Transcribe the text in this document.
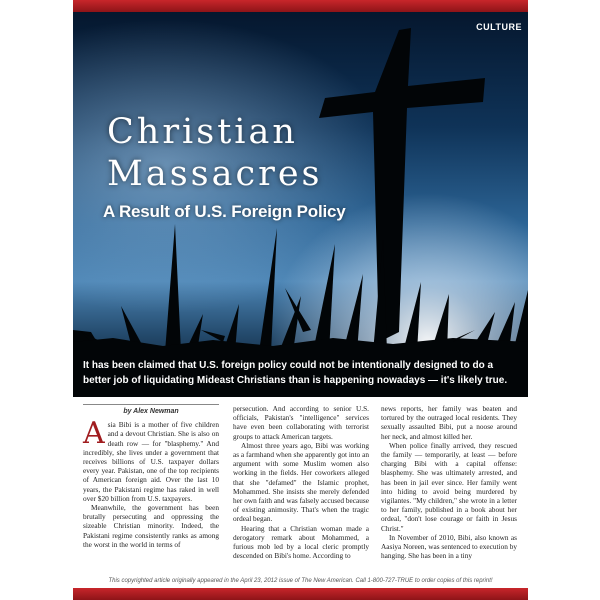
CULTURE
Christian
Massacres
A Result of U.S. Foreign Policy

It has been claimed that U.S. foreign policy could not be intentionally designed to do a better job of liquidating Mideast Christians than is happening nowadays — it's likely true.

by Alex Newman

Asia Bibi is a mother of five children and a devout Christian. She is also on death row — for "blasphemy." And incredibly, she lives under a government that receives billions of U.S. taxpayer dollars every year. Pakistan, one of the top recipients of American foreign aid. Over the last 10 years, the Pakistani regime has raked in well over $20 billion from U.S. taxpayers.

Meanwhile, the government has been brutally persecuting and oppressing the sizeable Christian minority. Indeed, the Pakistani regime consistently ranks as among the worst in the world in terms of

persecution. And according to senior U.S. officials, Pakistan's "intelligence" services have even been collaborating with terrorist groups to attack American targets.

Almost three years ago, Bibi was working as a farmhand when she apparently got into an argument with some Muslim women also working in the fields. Her coworkers alleged that she "defamed" the Islamic prophet, Mohammed. She insists she merely defended her own faith and was falsely accused because of existing animosity. That's when the tragic ordeal began.

Hearing that a Christian woman made a derogatory remark about Mohammed, a furious mob led by a local cleric promptly descended on Bibi's home. According to

news reports, her family was beaten and tortured by the outraged local residents. They sexually assaulted Bibi, put a noose around her neck, and almost killed her.

When police finally arrived, they rescued the family — temporarily, at least — before charging Bibi with a capital offense: blasphemy. She was ultimately arrested, and has been in jail ever since. Her family went into hiding to avoid being murdered by vigilantes. "My children," she wrote in a letter to her family, published in a book about her ordeal, "don't lose courage or faith in Jesus Christ."

In November of 2010, Bibi, also known as Aasiya Noreen, was sentenced to execution by hanging. She has been in a tiny

This copyrighted article originally appeared in the April 23, 2012 issue of The New American. Call 1-800-727-TRUE to order copies of this reprint!
